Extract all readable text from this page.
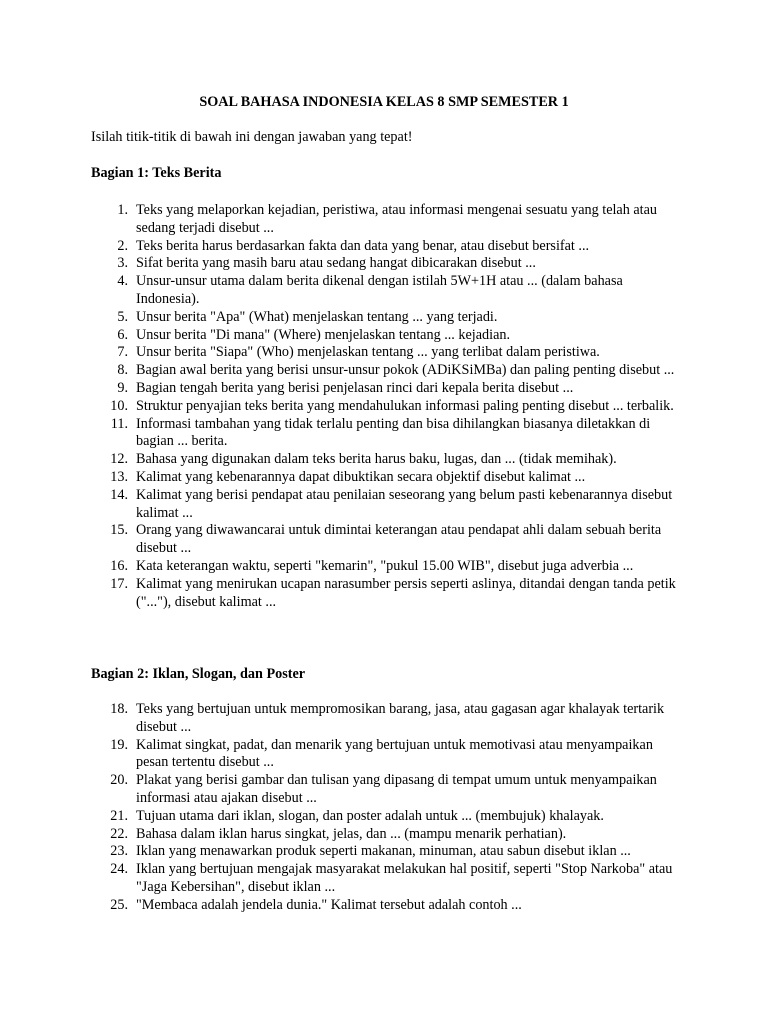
SOAL BAHASA INDONESIA KELAS 8 SMP SEMESTER 1
Isilah titik-titik di bawah ini dengan jawaban yang tepat!
Bagian 1: Teks Berita
1. Teks yang melaporkan kejadian, peristiwa, atau informasi mengenai sesuatu yang telah atau sedang terjadi disebut ...
2. Teks berita harus berdasarkan fakta dan data yang benar, atau disebut bersifat ...
3. Sifat berita yang masih baru atau sedang hangat dibicarakan disebut ...
4. Unsur-unsur utama dalam berita dikenal dengan istilah 5W+1H atau ... (dalam bahasa Indonesia).
5. Unsur berita "Apa" (What) menjelaskan tentang ... yang terjadi.
6. Unsur berita "Di mana" (Where) menjelaskan tentang ... kejadian.
7. Unsur berita "Siapa" (Who) menjelaskan tentang ... yang terlibat dalam peristiwa.
8. Bagian awal berita yang berisi unsur-unsur pokok (ADiKSiMBa) dan paling penting disebut ...
9. Bagian tengah berita yang berisi penjelasan rinci dari kepala berita disebut ...
10. Struktur penyajian teks berita yang mendahulukan informasi paling penting disebut ... terbalik.
11. Informasi tambahan yang tidak terlalu penting dan bisa dihilangkan biasanya diletakkan di bagian ... berita.
12. Bahasa yang digunakan dalam teks berita harus baku, lugas, dan ... (tidak memihak).
13. Kalimat yang kebenarannya dapat dibuktikan secara objektif disebut kalimat ...
14. Kalimat yang berisi pendapat atau penilaian seseorang yang belum pasti kebenarannya disebut kalimat ...
15. Orang yang diwawancarai untuk dimintai keterangan atau pendapat ahli dalam sebuah berita disebut ...
16. Kata keterangan waktu, seperti "kemarin", "pukul 15.00 WIB", disebut juga adverbia ...
17. Kalimat yang menirukan ucapan narasumber persis seperti aslinya, ditandai dengan tanda petik ("..."), disebut kalimat ...
Bagian 2: Iklan, Slogan, dan Poster
18. Teks yang bertujuan untuk mempromosikan barang, jasa, atau gagasan agar khalayak tertarik disebut ...
19. Kalimat singkat, padat, dan menarik yang bertujuan untuk memotivasi atau menyampaikan pesan tertentu disebut ...
20. Plakat yang berisi gambar dan tulisan yang dipasang di tempat umum untuk menyampaikan informasi atau ajakan disebut ...
21. Tujuan utama dari iklan, slogan, dan poster adalah untuk ... (membujuk) khalayak.
22. Bahasa dalam iklan harus singkat, jelas, dan ... (mampu menarik perhatian).
23. Iklan yang menawarkan produk seperti makanan, minuman, atau sabun disebut iklan ...
24. Iklan yang bertujuan mengajak masyarakat melakukan hal positif, seperti "Stop Narkoba" atau "Jaga Kebersihan", disebut iklan ...
25. "Membaca adalah jendela dunia." Kalimat tersebut adalah contoh ...
